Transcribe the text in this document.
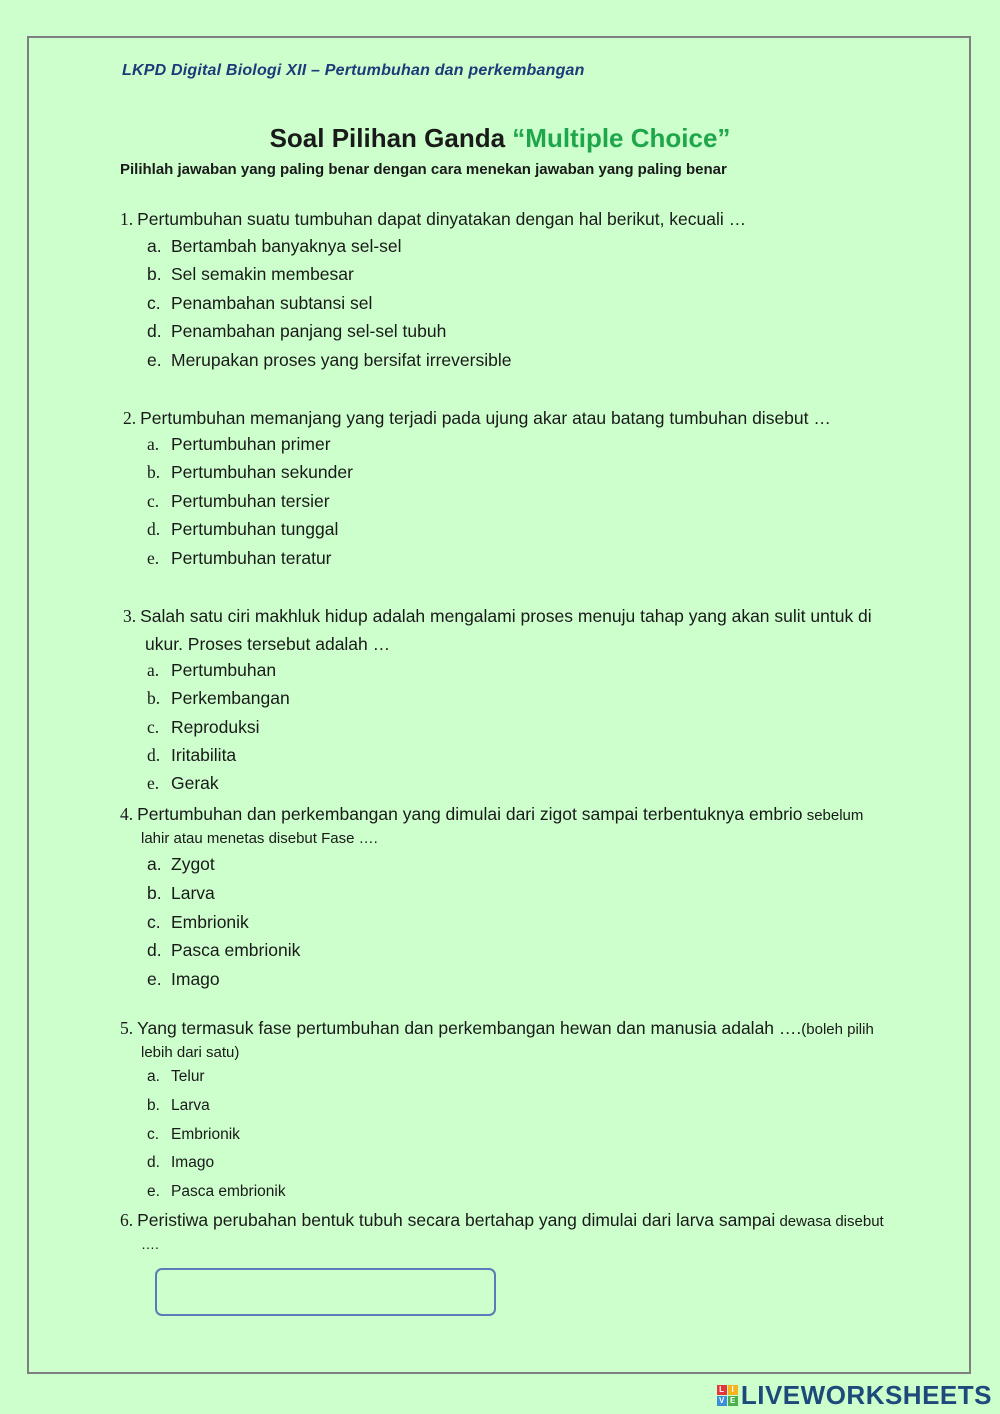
LKPD Digital Biologi XII – Pertumbuhan dan perkembangan
Soal Pilihan Ganda “Multiple Choice”
Pilihlah jawaban yang paling benar dengan cara menekan jawaban yang paling benar
1. Pertumbuhan suatu tumbuhan dapat dinyatakan dengan hal berikut, kecuali …
a. Bertambah banyaknya sel-sel
b. Sel semakin membesar
c. Penambahan subtansi sel
d. Penambahan panjang sel-sel tubuh
e. Merupakan proses yang bersifat irreversible
2. Pertumbuhan memanjang yang terjadi pada ujung akar atau batang tumbuhan disebut …
a. Pertumbuhan primer
b. Pertumbuhan sekunder
c. Pertumbuhan tersier
d. Pertumbuhan tunggal
e. Pertumbuhan teratur
3. Salah satu ciri makhluk hidup adalah mengalami proses menuju tahap yang akan sulit untuk di
ukur. Proses tersebut adalah …
a. Pertumbuhan
b. Perkembangan
c. Reproduksi
d. Iritabilita
e. Gerak
4. Pertumbuhan dan perkembangan yang dimulai dari zigot sampai terbentuknya embrio sebelum
lahir atau menetas disebut Fase ….
a. Zygot
b. Larva
c. Embrionik
d. Pasca embrionik
e. Imago
5. Yang termasuk fase pertumbuhan dan perkembangan hewan dan manusia adalah ….(boleh pilih
lebih dari satu)
a. Telur
b. Larva
c. Embrionik
d. Imago
e. Pasca embrionik
6. Peristiwa perubahan bentuk tubuh secara bertahap yang dimulai dari larva sampai dewasa disebut
….
L I
V E LIVEWORKSHEETS
